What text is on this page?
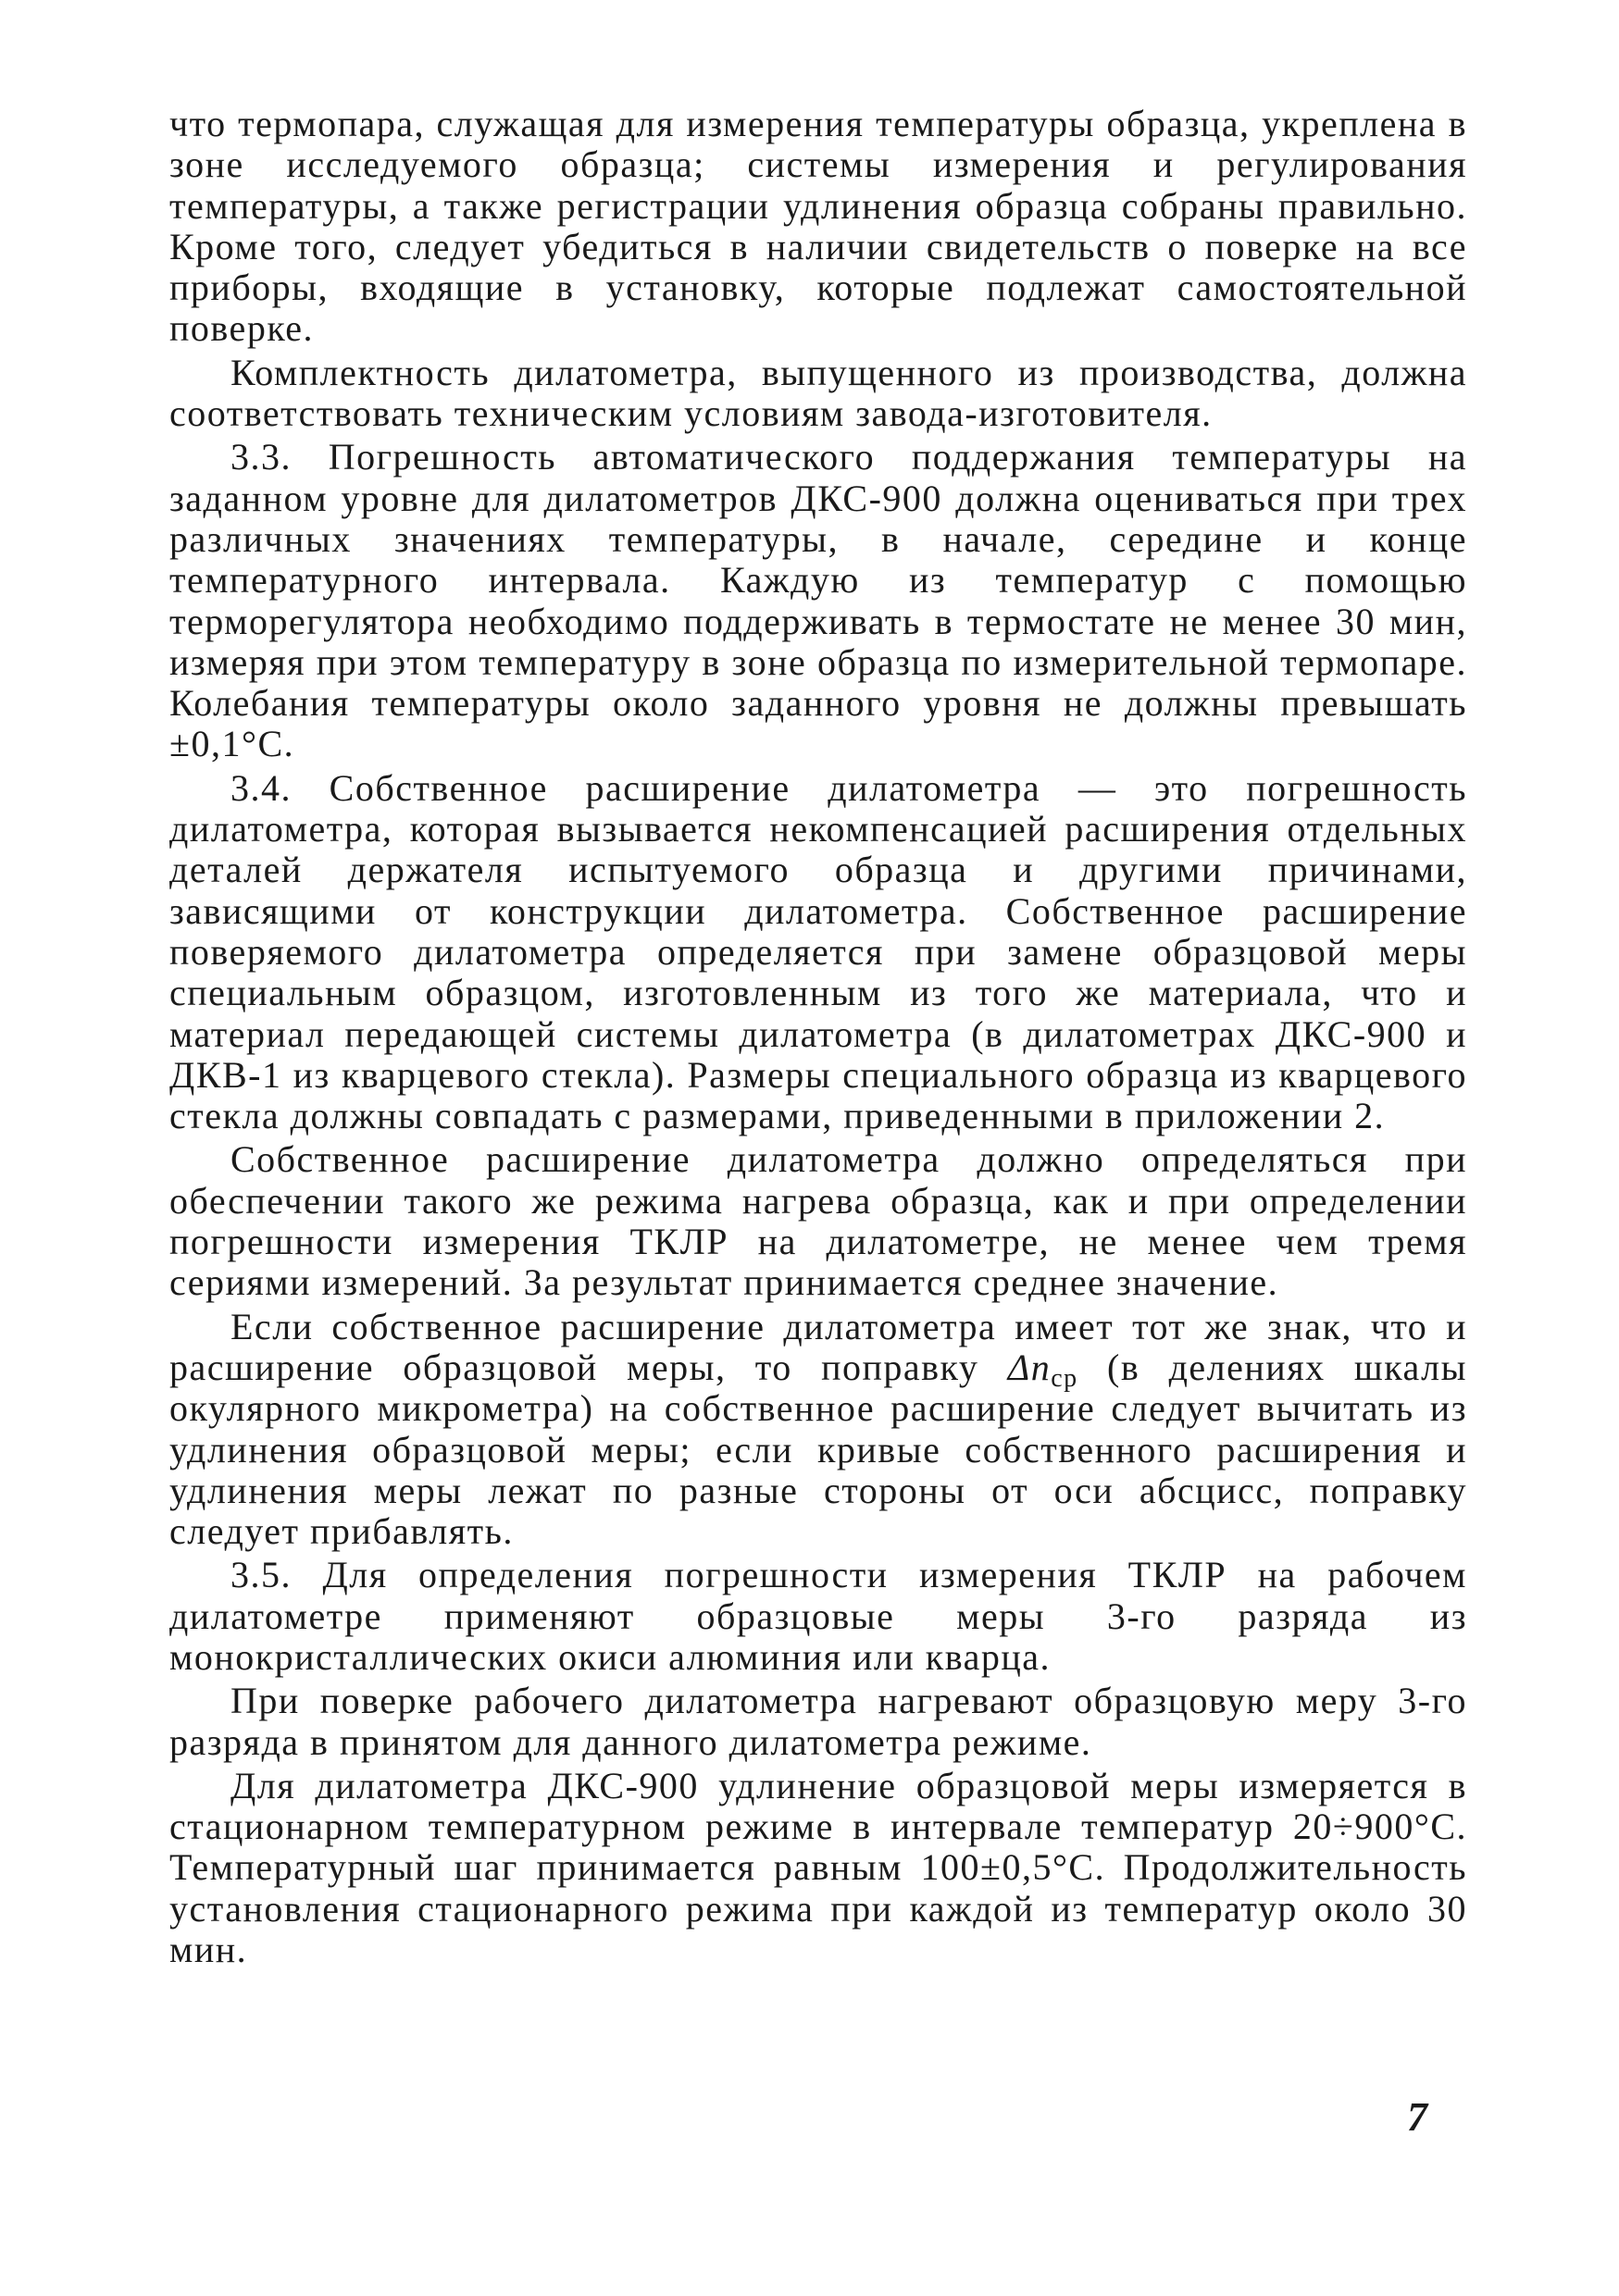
что термопара, служащая для измерения температуры образца, укреплена в зоне исследуемого образца; системы измерения и регулирования температуры, а также регистрации удлинения образца собраны правильно. Кроме того, следует убедиться в наличии свидетельств о поверке на все приборы, входящие в установку, которые подлежат самостоятельной поверке.

Комплектность дилатометра, выпущенного из производства, должна соответствовать техническим условиям завода-изготовителя.

3.3. Погрешность автоматического поддержания температуры на заданном уровне для дилатометров ДКС-900 должна оцениваться при трех различных значениях температуры, в начале, середине и конце температурного интервала. Каждую из температур с помощью терморегулятора необходимо поддерживать в термостате не менее 30 мин, измеряя при этом температуру в зоне образца по измерительной термопаре. Колебания температуры около заданного уровня не должны превышать ±0,1°С.

3.4. Собственное расширение дилатометра — это погрешность дилатометра, которая вызывается некомпенсацией расширения отдельных деталей держателя испытуемого образца и другими причинами, зависящими от конструкции дилатометра. Собственное расширение поверяемого дилатометра определяется при замене образцовой меры специальным образцом, изготовленным из того же материала, что и материал передающей системы дилатометра (в дилатометрах ДКС-900 и ДКВ-1 из кварцевого стекла). Размеры специального образца из кварцевого стекла должны совпадать с размерами, приведенными в приложении 2.

Собственное расширение дилатометра должно определяться при обеспечении такого же режима нагрева образца, как и при определении погрешности измерения ТКЛР на дилатометре, не менее чем тремя сериями измерений. За результат принимается среднее значение.

Если собственное расширение дилатометра имеет тот же знак, что и расширение образцовой меры, то поправку $\Delta n_{ср}$ (в делениях шкалы окулярного микрометра) на собственное расширение следует вычитать из удлинения образцовой меры; если кривые собственного расширения и удлинения меры лежат по разные стороны от оси абсцисс, поправку следует прибавлять.

3.5. Для определения погрешности измерения ТКЛР на рабочем дилатометре применяют образцовые меры 3-го разряда из монокристаллических окиси алюминия или кварца.

При поверке рабочего дилатометра нагревают образцовую меру 3-го разряда в принятом для данного дилатометра режиме.

Для дилатометра ДКС-900 удлинение образцовой меры измеряется в стационарном температурном режиме в интервале температур 20÷900°С. Температурный шаг принимается равным 100±0,5°С. Продолжительность установления стационарного режима при каждой из температур около 30 мин.

7
